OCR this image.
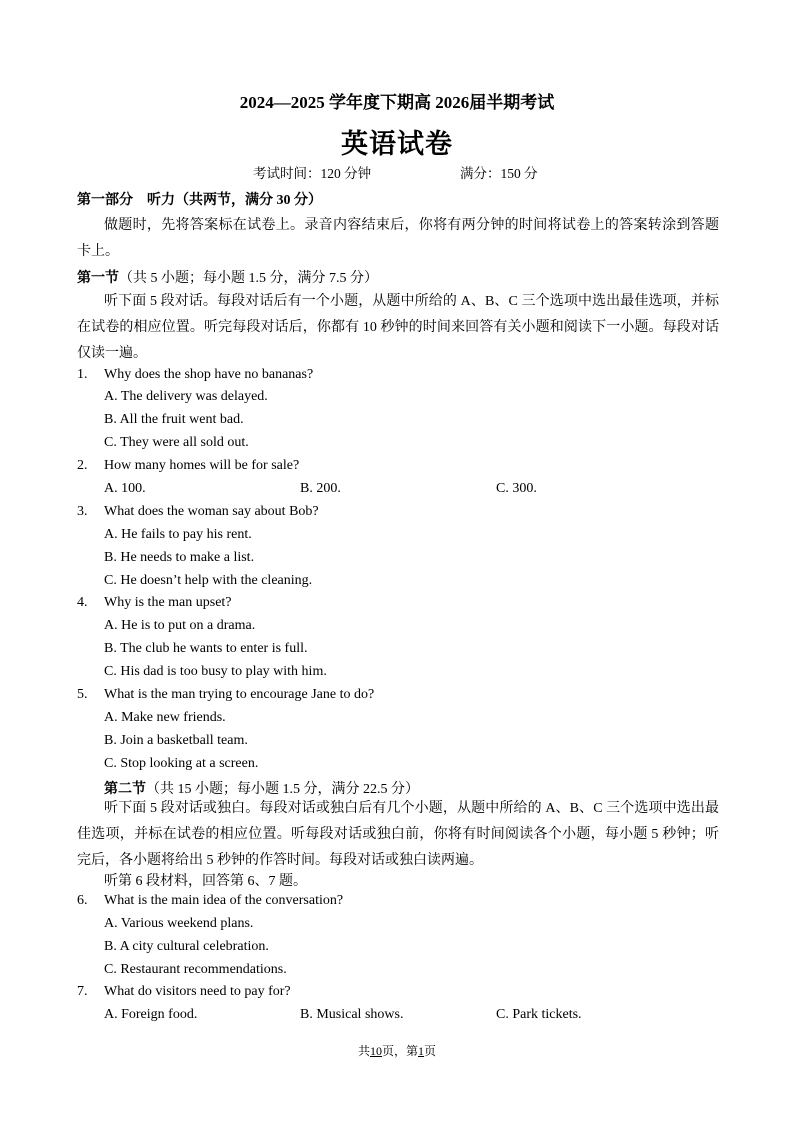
2024—2025 学年度下期高 2026届半期考试
英语试卷
考试时间：120 分钟	满分：150 分
第一部分　听力（共两节，满分 30 分）
做题时，先将答案标在试卷上。录音内容结束后，你将有两分钟的时间将试卷上的答案转涂到答题卡上。
第一节（共 5 小题；每小题 1.5 分，满分 7.5 分）
听下面 5 段对话。每段对话后有一个小题，从题中所给的 A、B、C 三个选项中选出最佳选项，并标在试卷的相应位置。听完每段对话后，你都有 10 秒钟的时间来回答有关小题和阅读下一小题。每段对话仅读一遍。
1. Why does the shop have no bananas?
A. The delivery was delayed.
B. All the fruit went bad.
C. They were all sold out.
2. How many homes will be for sale?
A. 100.	B. 200.	C. 300.
3. What does the woman say about Bob?
A. He fails to pay his rent.
B. He needs to make a list.
C. He doesn’t help with the cleaning.
4. Why is the man upset?
A. He is to put on a drama.
B. The club he wants to enter is full.
C. His dad is too busy to play with him.
5. What is the man trying to encourage Jane to do?
A. Make new friends.
B. Join a basketball team.
C. Stop looking at a screen.
第二节（共 15 小题；每小题 1.5 分，满分 22.5 分）
听下面 5 段对话或独白。每段对话或独白后有几个小题，从题中所给的 A、B、C 三个选项中选出最佳选项，并标在试卷的相应位置。听每段对话或独白前，你将有时间阅读各个小题，每小题 5 秒钟；听完后，各小题将给出 5 秒钟的作答时间。每段对话或独白读两遍。
听第 6 段材料，回答第 6、7 题。
6. What is the main idea of the conversation?
A. Various weekend plans.
B. A city cultural celebration.
C. Restaurant recommendations.
7. What do visitors need to pay for?
A. Foreign food.	B. Musical shows.	C. Park tickets.
共10页，第1页
